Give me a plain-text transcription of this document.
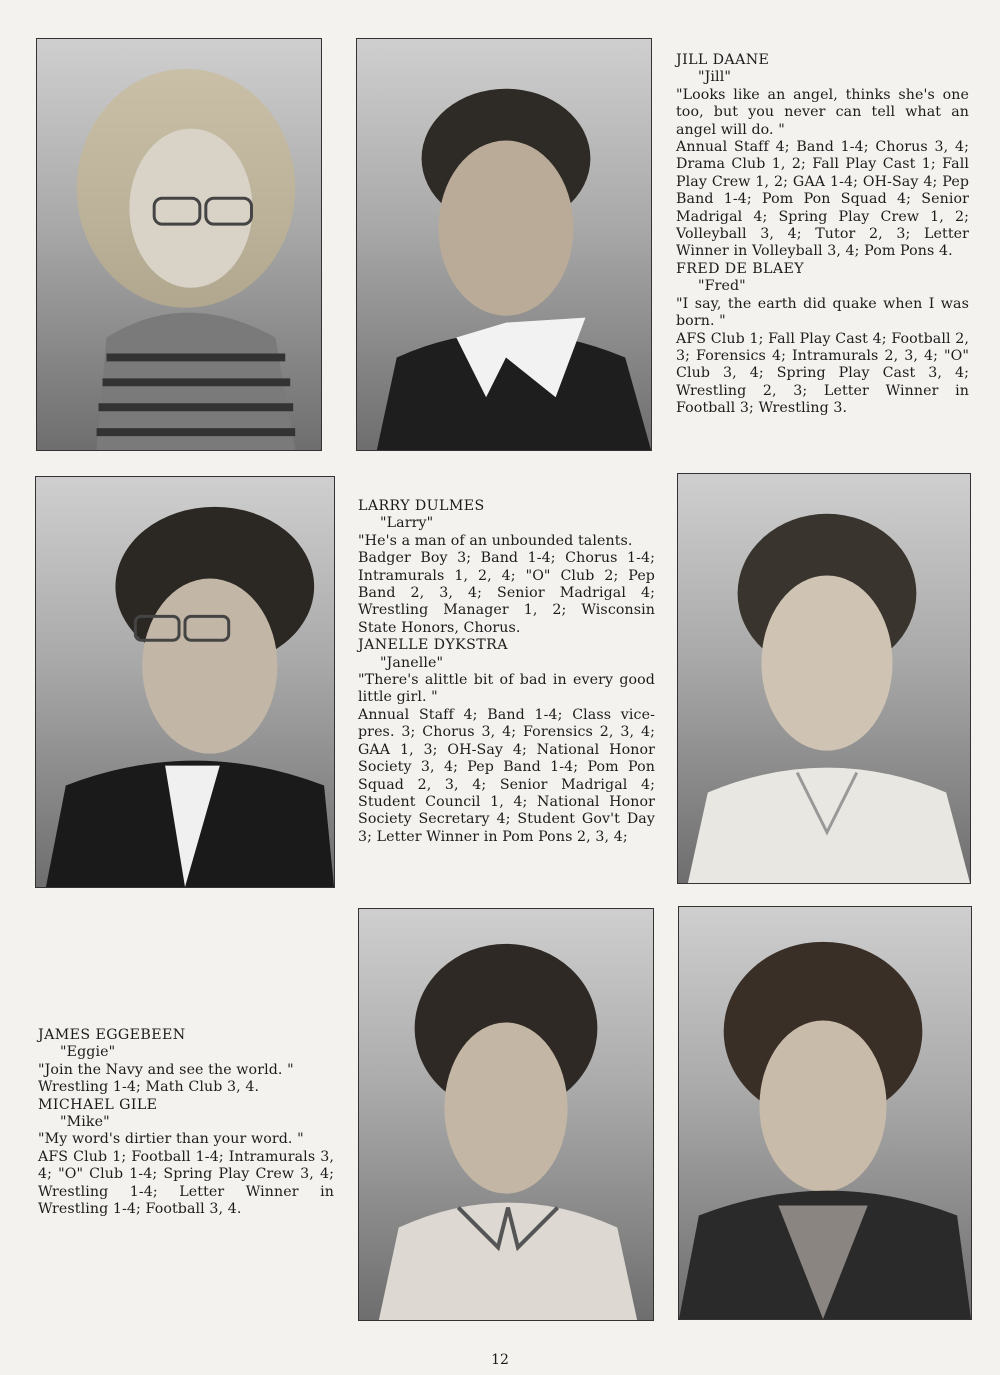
JILL DAANE

"Jill"

"Looks like an angel, thinks she's one too, but you never can tell what an angel will do. "

Annual Staff 4; Band 1-4; Chorus 3, 4; Drama Club 1, 2; Fall Play Cast 1; Fall Play Crew 1, 2; GAA 1-4; OH-Say 4; Pep Band 1-4; Pom Pon Squad 4; Senior Madrigal 4; Spring Play Crew 1, 2; Volleyball 3, 4; Tutor 2, 3; Letter Winner in Volleyball 3, 4; Pom Pons 4.

FRED DE BLAEY

"Fred"

"I say, the earth did quake when I was born. "

AFS Club 1; Fall Play Cast 4; Football 2, 3; Forensics 4; Intramurals 2, 3, 4; "O" Club 3, 4; Spring Play Cast 3, 4; Wrestling 2, 3; Letter Winner in Football 3; Wrestling 3.

LARRY DULMES

"Larry"

"He's a man of an unbounded talents.

Badger Boy 3; Band 1-4; Chorus 1-4; Intramurals 1, 2, 4; "O" Club 2; Pep Band 2, 3, 4; Senior Madrigal 4; Wrestling Manager 1, 2; Wisconsin State Honors, Chorus.

JANELLE DYKSTRA

"Janelle"

"There's alittle bit of bad in every good little girl. "

Annual Staff 4; Band 1-4; Class vice-pres. 3; Chorus 3, 4; Forensics 2, 3, 4; GAA 1, 3; OH-Say 4; National Honor Society 3, 4; Pep Band 1-4; Pom Pon Squad 2, 3, 4; Senior Madrigal 4; Student Council 1, 4; National Honor Society Secretary 4; Student Gov't Day 3; Letter Winner in Pom Pons 2, 3, 4;

JAMES EGGEBEEN

"Eggie"

"Join the Navy and see the world. "

Wrestling 1-4; Math Club 3, 4.

MICHAEL GILE

"Mike"

"My word's dirtier than your word. "

AFS Club 1; Football 1-4; Intramurals 3, 4; "O" Club 1-4; Spring Play Crew 3, 4; Wrestling 1-4; Letter Winner in Wrestling 1-4; Football 3, 4.

12
